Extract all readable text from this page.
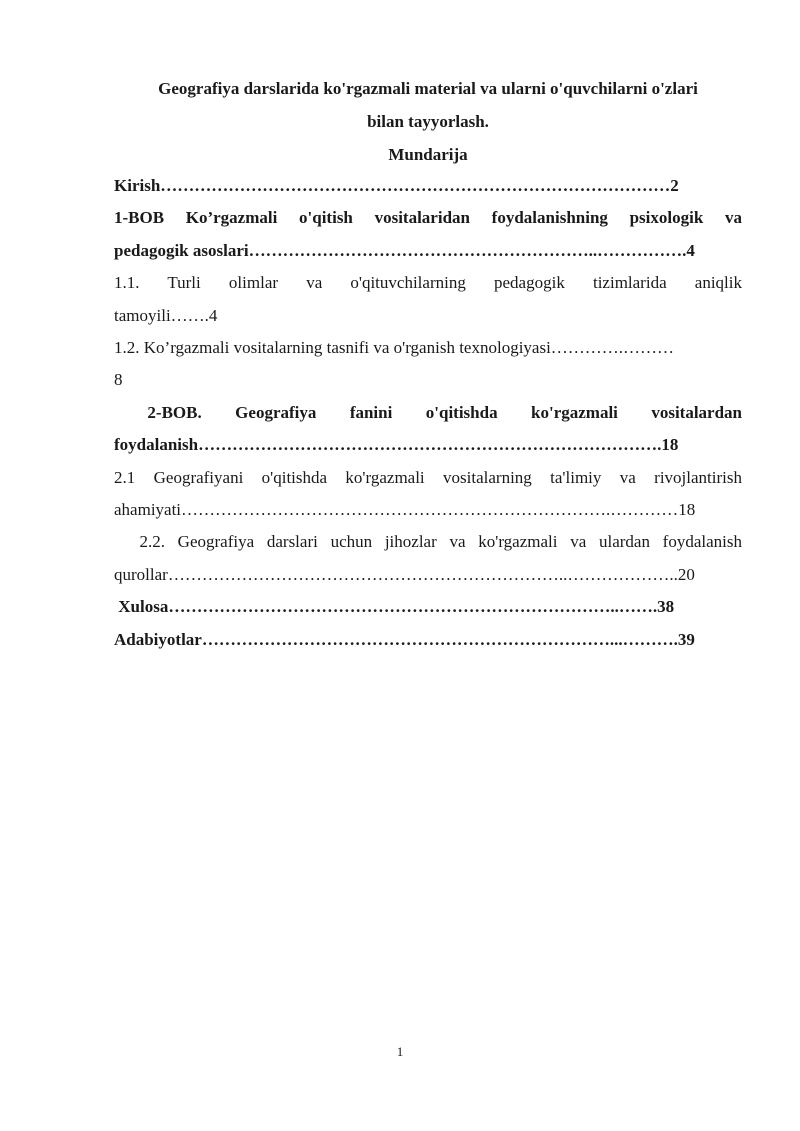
Geografiya darslarida ko'rgazmali material va ularni o'quvchilarni o'zlari

bilan tayyorlash.

Mundarija

Kirish………………………………………………………………………………2

1-BOB Ko’rgazmali o'qitish vositalaridan foydalanishning psixologik va
pedagogik asoslari……………………………………………………..…………….4

1.1. Turli olimlar va o'qituvchilarning pedagogik tizimlarida aniqlik
tamoyili…….4

1.2. Ko’rgazmali vositalarning tasnifi va o'rganish texnologiyasi………….………
8

2-BOB. Geografiya fanini o'qitishda ko'rgazmali vositalardan
foydalanish……………………………………………………………………….18

2.1 Geografiyani o'qitishda ko'rgazmali vositalarning ta'limiy va rivojlantirish
ahamiyati………………………………………………………………….…………18

2.2. Geografiya darslari uchun jihozlar va ko'rgazmali va ulardan foydalanish
qurollar……………………………………………………………..………………..20

Xulosa……………………………………………………………………..…….38

Adabiyotlar………………………………………………………………...……….39

1
